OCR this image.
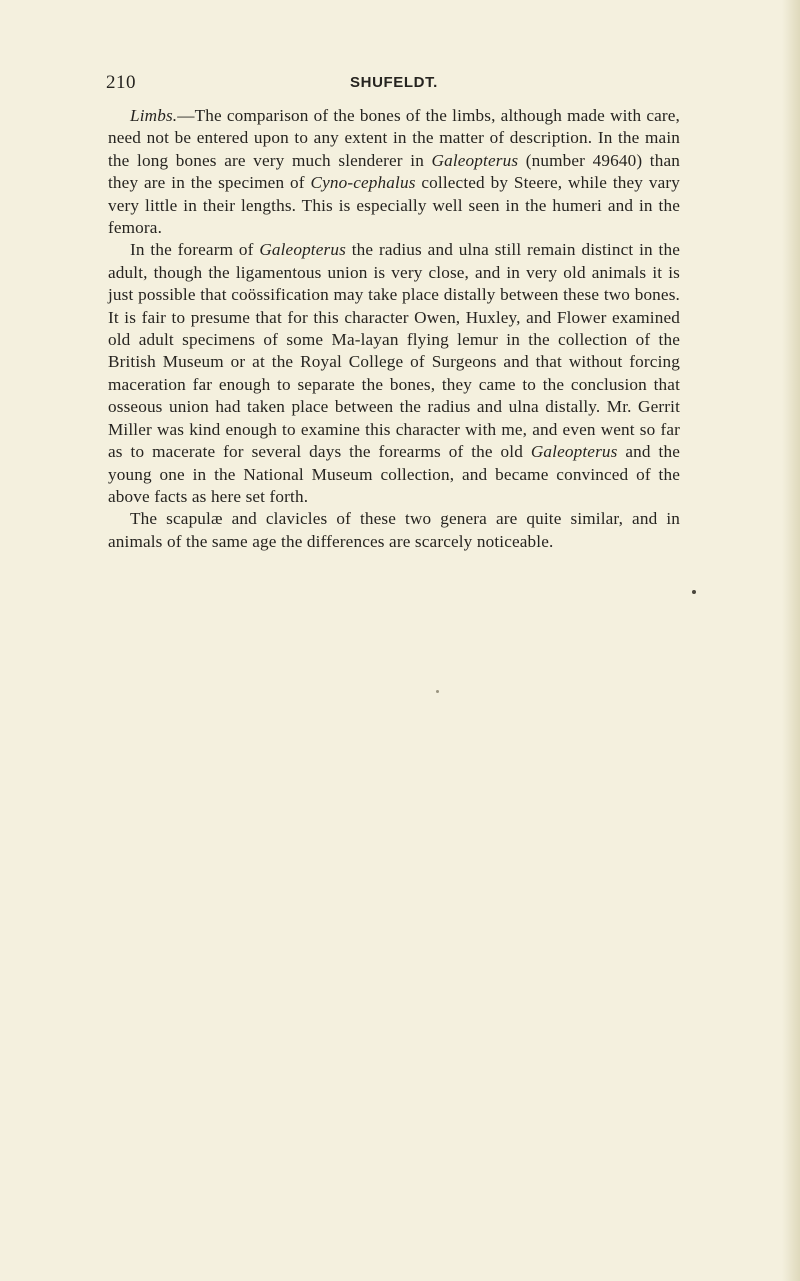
210	SHUFELDT.

Limbs.—The comparison of the bones of the limbs, although made with care, need not be entered upon to any extent in the matter of description. In the main the long bones are very much slenderer in Galeopterus (number 49640) than they are in the specimen of Cyno-cephalus collected by Steere, while they vary very little in their lengths. This is especially well seen in the humeri and in the femora.

In the forearm of Galeopterus the radius and ulna still remain distinct in the adult, though the ligamentous union is very close, and in very old animals it is just possible that coössification may take place distally between these two bones. It is fair to presume that for this character Owen, Huxley, and Flower examined old adult specimens of some Ma-layan flying lemur in the collection of the British Museum or at the Royal College of Surgeons and that without forcing maceration far enough to separate the bones, they came to the conclusion that osseous union had taken place between the radius and ulna distally. Mr. Gerrit Miller was kind enough to examine this character with me, and even went so far as to macerate for several days the forearms of the old Galeopterus and the young one in the National Museum collection, and became convinced of the above facts as here set forth.

The scapulæ and clavicles of these two genera are quite similar, and in animals of the same age the differences are scarcely noticeable.
